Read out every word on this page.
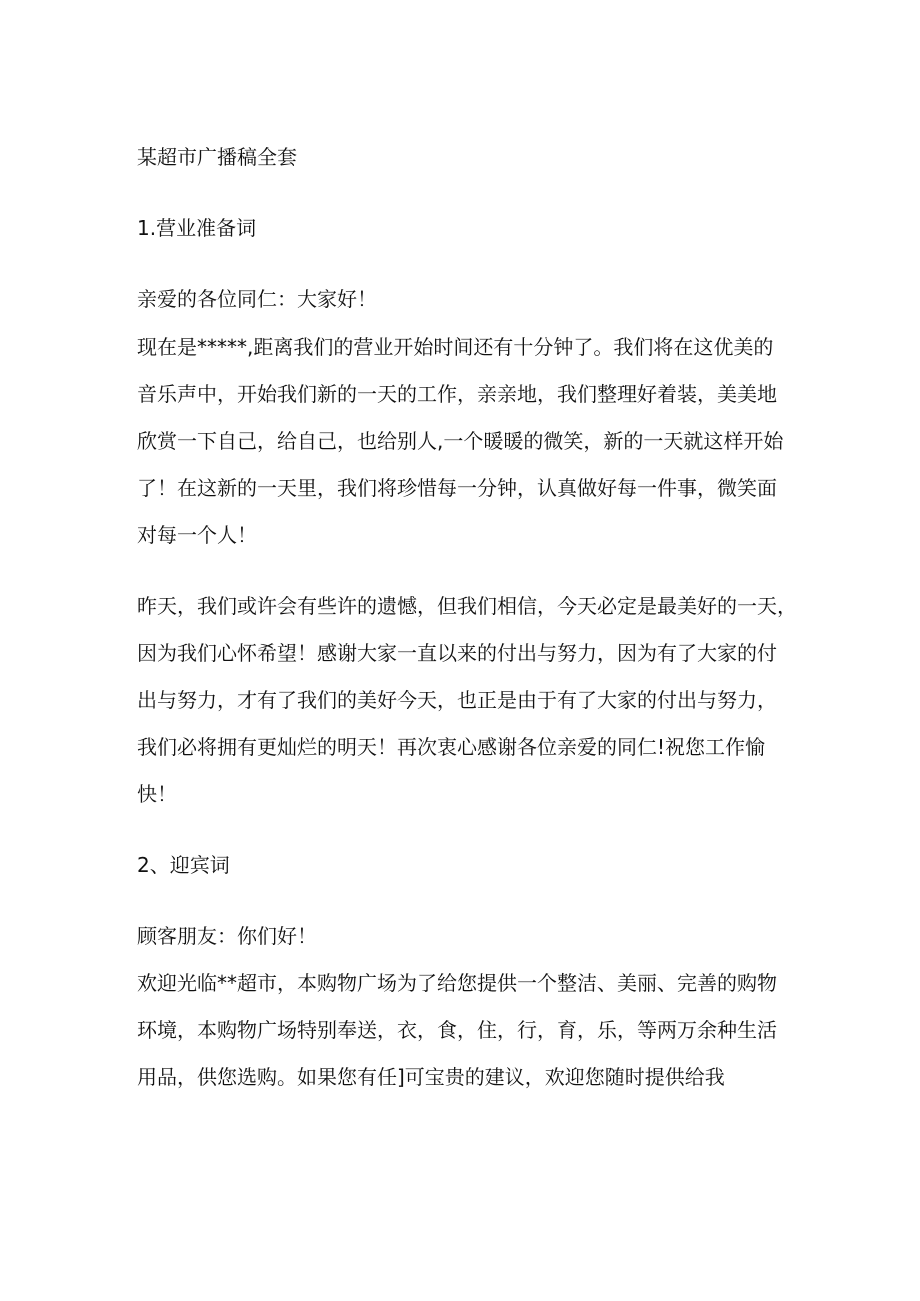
某超市广播稿全套
1.营业准备词
亲爱的各位同仁：大家好！
现在是*****,距离我们的营业开始时间还有十分钟了。我们将在这优美的
音乐声中，开始我们新的一天的工作，亲亲地，我们整理好着装，美美地
欣赏一下自己，给自己，也给别人,一个暖暖的微笑，新的一天就这样开始
了！在这新的一天里，我们将珍惜每一分钟，认真做好每一件事，微笑面
对每一个人！
昨天，我们或许会有些许的遗憾，但我们相信，今天必定是最美好的一天，
因为我们心怀希望！感谢大家一直以来的付出与努力，因为有了大家的付
出与努力，才有了我们的美好今天，也正是由于有了大家的付出与努力，
我们必将拥有更灿烂的明天！再次衷心感谢各位亲爱的同仁!祝您工作愉
快！
2、迎宾词
顾客朋友：你们好！
欢迎光临**超市，本购物广场为了给您提供一个整洁、美丽、完善的购物
环境，本购物广场特别奉送，衣，食，住，行，育，乐，等两万余种生活
用品，供您选购。如果您有任]可宝贵的建议，欢迎您随时提供给我
